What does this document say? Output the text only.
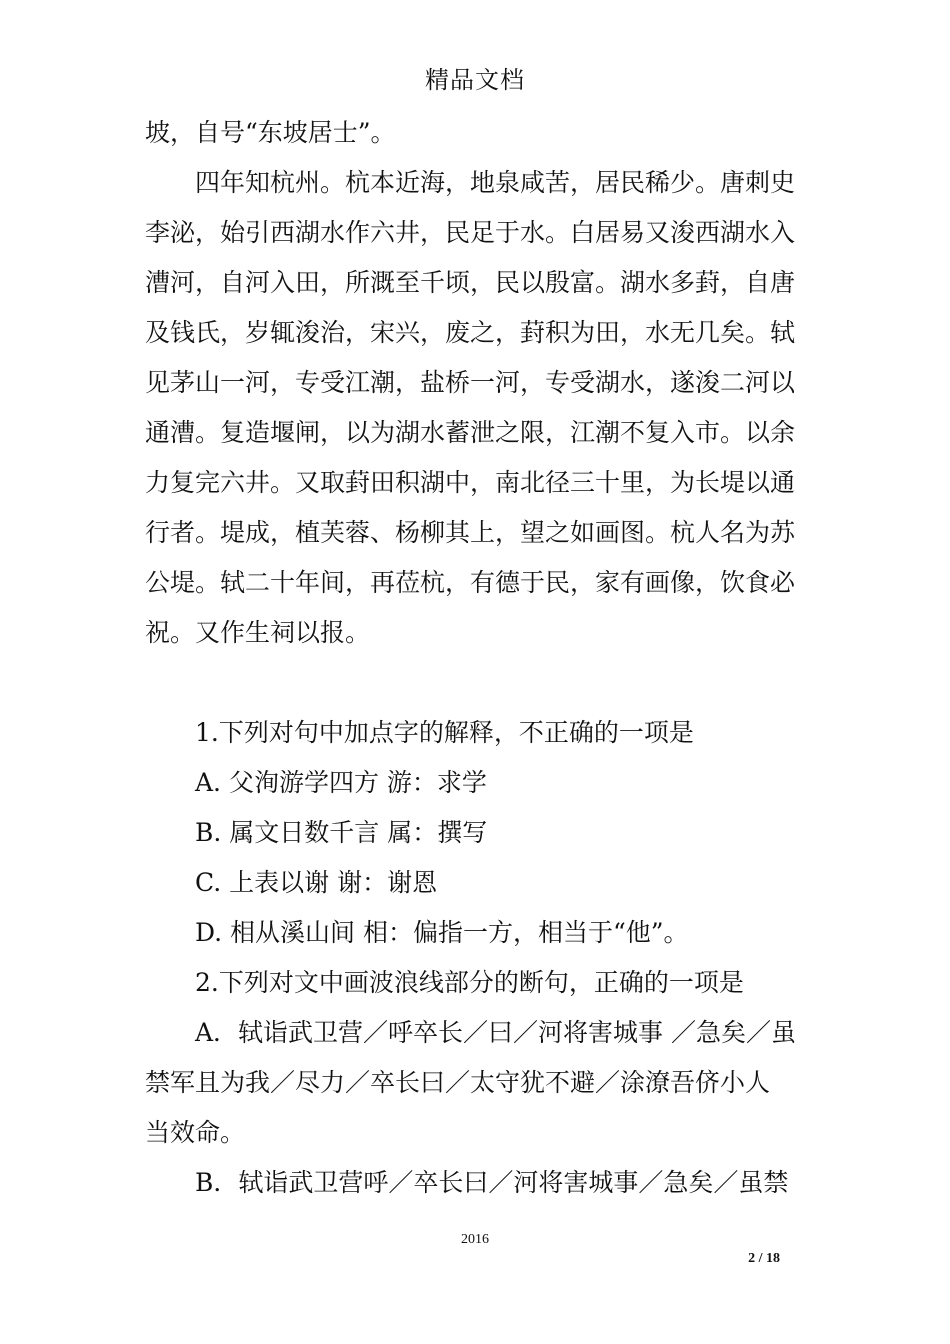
精品文档
坡，自号“东坡居士”。
四年知杭州。杭本近海，地泉咸苦，居民稀少。唐刺史
李泌，始引西湖水作六井，民足于水。白居易又浚西湖水入
漕河，自河入田，所溉至千顷，民以殷富。湖水多葑，自唐
及钱氏，岁辄浚治，宋兴，废之，葑积为田，水无几矣。轼
见茅山一河，专受江潮，盐桥一河，专受湖水，遂浚二河以
通漕。复造堰闸，以为湖水蓄泄之限，江潮不复入市。以余
力复完六井。又取葑田积湖中，南北径三十里，为长堤以通
行者。堤成，植芙蓉、杨柳其上，望之如画图。杭人名为苏
公堤。轼二十年间，再莅杭，有德于民，家有画像，饮食必
祝。又作生祠以报。
1.下列对句中加点字的解释，不正确的一项是
A. 父洵游学四方 游：求学
B. 属文日数千言 属：撰写
C. 上表以谢 谢：谢恩
D. 相从溪山间 相：偏指一方，相当于“他”。
2.下列对文中画波浪线部分的断句，正确的一项是
A．轼诣武卫营／呼卒长／曰／河将害城事 ／急矣／虽
禁军且为我／尽力／卒长曰／太守犹不避／涂潦吾侪小人
当效命。
B．轼诣武卫营呼／卒长曰／河将害城事／急矣／虽禁
2016
2 / 18
